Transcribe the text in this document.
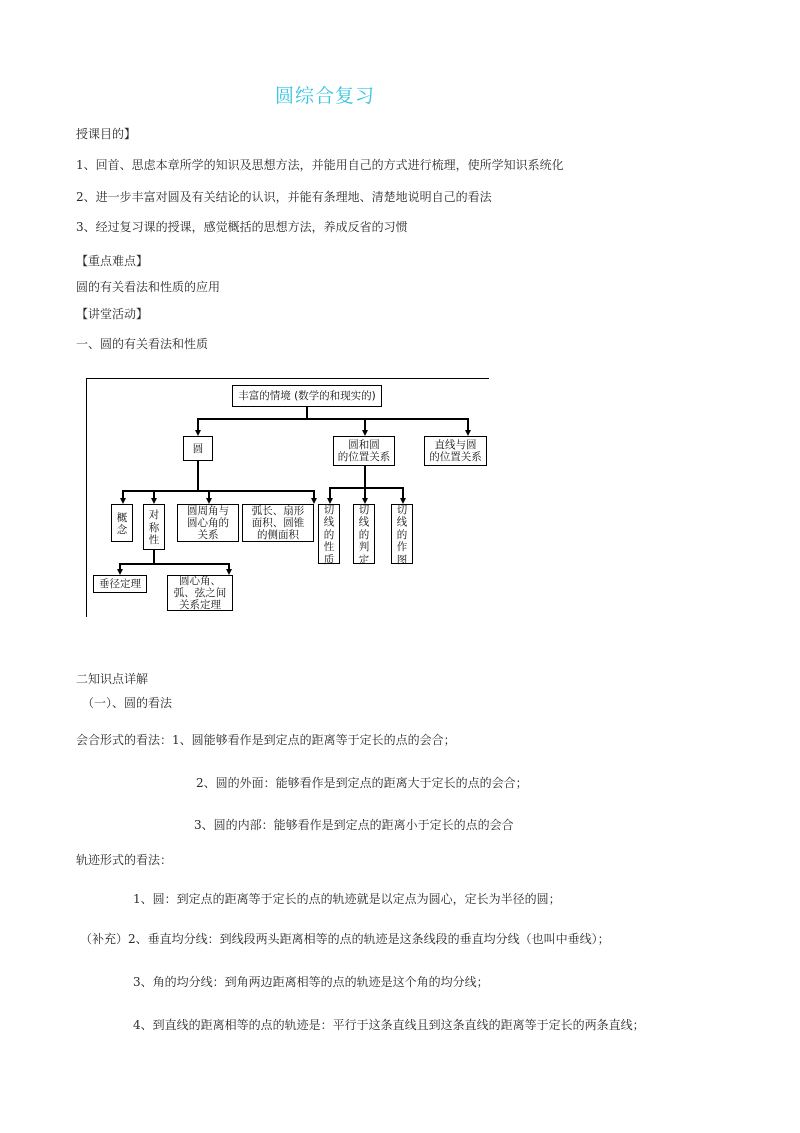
圆综合复习
授课目的】
1、回首、思虑本章所学的知识及思想方法，并能用自己的方式进行梳理，使所学知识系统化
2、进一步丰富对圆及有关结论的认识，并能有条理地、清楚地说明自己的看法
3、经过复习课的授课，感觉概括的思想方法，养成反省的习惯
【重点难点】
圆的有关看法和性质的应用
【讲堂活动】
一、圆的有关看法和性质
丰富的情境 (数学的和现实的)
圆	圆和圆
的位置关系
直线与圆
的位置关系
概念
对称性
圆周角与
圆心角的
关系
弧长、扇形
面积、圆锥
的侧面积
垂径定理	圆心角、
弧、弦之间
关系定理
切线的性质
切线的判定
切线的作图
二知识点详解
（一）、圆的看法
会合形式的看法：1、圆能够看作是到定点的距离等于定长的点的会合；
2、圆的外面：能够看作是到定点的距离大于定长的点的会合；
3、圆的内部：能够看作是到定点的距离小于定长的点的会合
轨迹形式的看法：
1、圆：到定点的距离等于定长的点的轨迹就是以定点为圆心，定长为半径的圆；
（补充）2、垂直均分线：到线段两头距离相等的点的轨迹是这条线段的垂直均分线（也叫中垂线）；
3、角的均分线：到角两边距离相等的点的轨迹是这个角的均分线；
4、到直线的距离相等的点的轨迹是：平行于这条直线且到这条直线的距离等于定长的两条直线；
